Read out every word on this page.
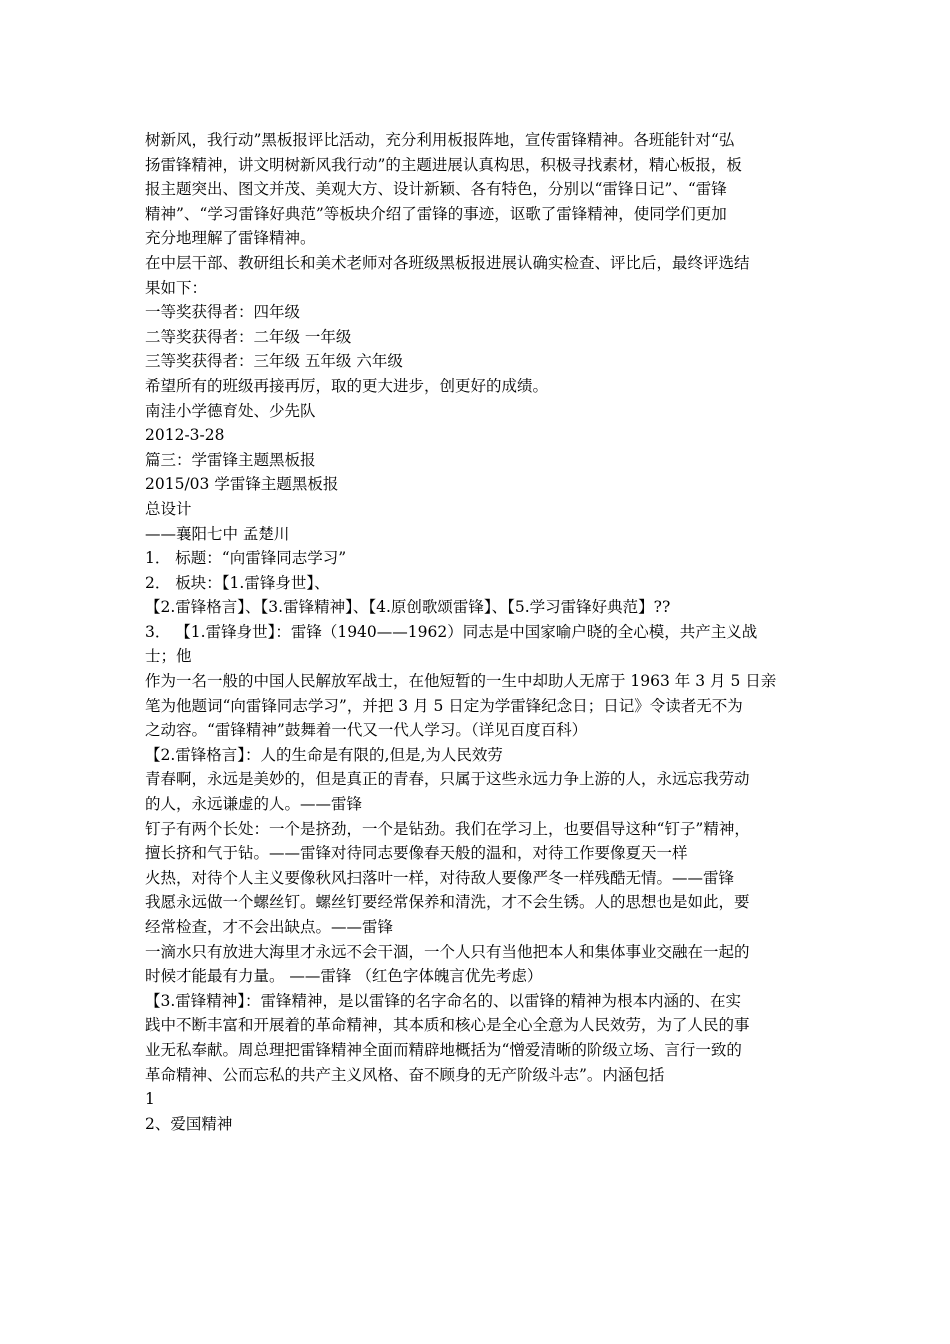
树新风，我行动”黑板报评比活动，充分利用板报阵地，宣传雷锋精神。各班能针对“弘
扬雷锋精神，讲文明树新风我行动”的主题进展认真构思，积极寻找素材，精心板报，板
报主题突出、图文并茂、美观大方、设计新颖、各有特色，分别以“雷锋日记”、“雷锋
精神”、“学习雷锋好典范”等板块介绍了雷锋的事迹，讴歌了雷锋精神，使同学们更加
充分地理解了雷锋精神。
在中层干部、教研组长和美术老师对各班级黑板报进展认确实检查、评比后，最终评选结
果如下：
一等奖获得者：四年级
二等奖获得者：二年级 一年级
三等奖获得者：三年级 五年级 六年级
希望所有的班级再接再厉，取的更大进步，创更好的成绩。
南洼小学德育处、少先队
2012-3-28
篇三：学雷锋主题黑板报
2015/03 学雷锋主题黑板报
总设计
——襄阳七中 孟楚川
1． 标题：“向雷锋同志学习”
2． 板块：【1.雷锋身世】、
【2.雷锋格言】、【3.雷锋精神】、【4.原创歌颂雷锋】、【5.学习雷锋好典范】??
3． 【1.雷锋身世】：雷锋（1940——1962）同志是中国家喻户晓的全心模，共产主义战
士；他
作为一名一般的中国人民解放军战士，在他短暂的一生中却助人无席于 1963 年 3 月 5 日亲
笔为他题词“向雷锋同志学习”，并把 3 月 5 日定为学雷锋纪念日；日记》令读者无不为
之动容。“雷锋精神”鼓舞着一代又一代人学习。（详见百度百科）
【2.雷锋格言】：人的生命是有限的,但是,为人民效劳
青春啊，永远是美妙的，但是真正的青春，只属于这些永远力争上游的人，永远忘我劳动
的人，永远谦虚的人。——雷锋
钉子有两个长处：一个是挤劲，一个是钻劲。我们在学习上，也要倡导这种“钉子”精神，
擅长挤和气于钻。——雷锋对待同志要像春天般的温和，对待工作要像夏天一样
火热，对待个人主义要像秋风扫落叶一样，对待敌人要像严冬一样残酷无情。——雷锋
我愿永远做一个螺丝钉。螺丝钉要经常保养和清洗，才不会生锈。人的思想也是如此，要
经常检查，才不会出缺点。——雷锋
一滴水只有放进大海里才永远不会干涸，一个人只有当他把本人和集体事业交融在一起的
时候才能最有力量。 ——雷锋 （红色字体魄言优先考虑）
【3.雷锋精神】：雷锋精神，是以雷锋的名字命名的、以雷锋的精神为根本内涵的、在实
践中不断丰富和开展着的革命精神，其本质和核心是全心全意为人民效劳，为了人民的事
业无私奉献。周总理把雷锋精神全面而精辟地概括为“憎爱清晰的阶级立场、言行一致的
革命精神、公而忘私的共产主义风格、奋不顾身的无产阶级斗志”。内涵包括
1
2、爱国精神
